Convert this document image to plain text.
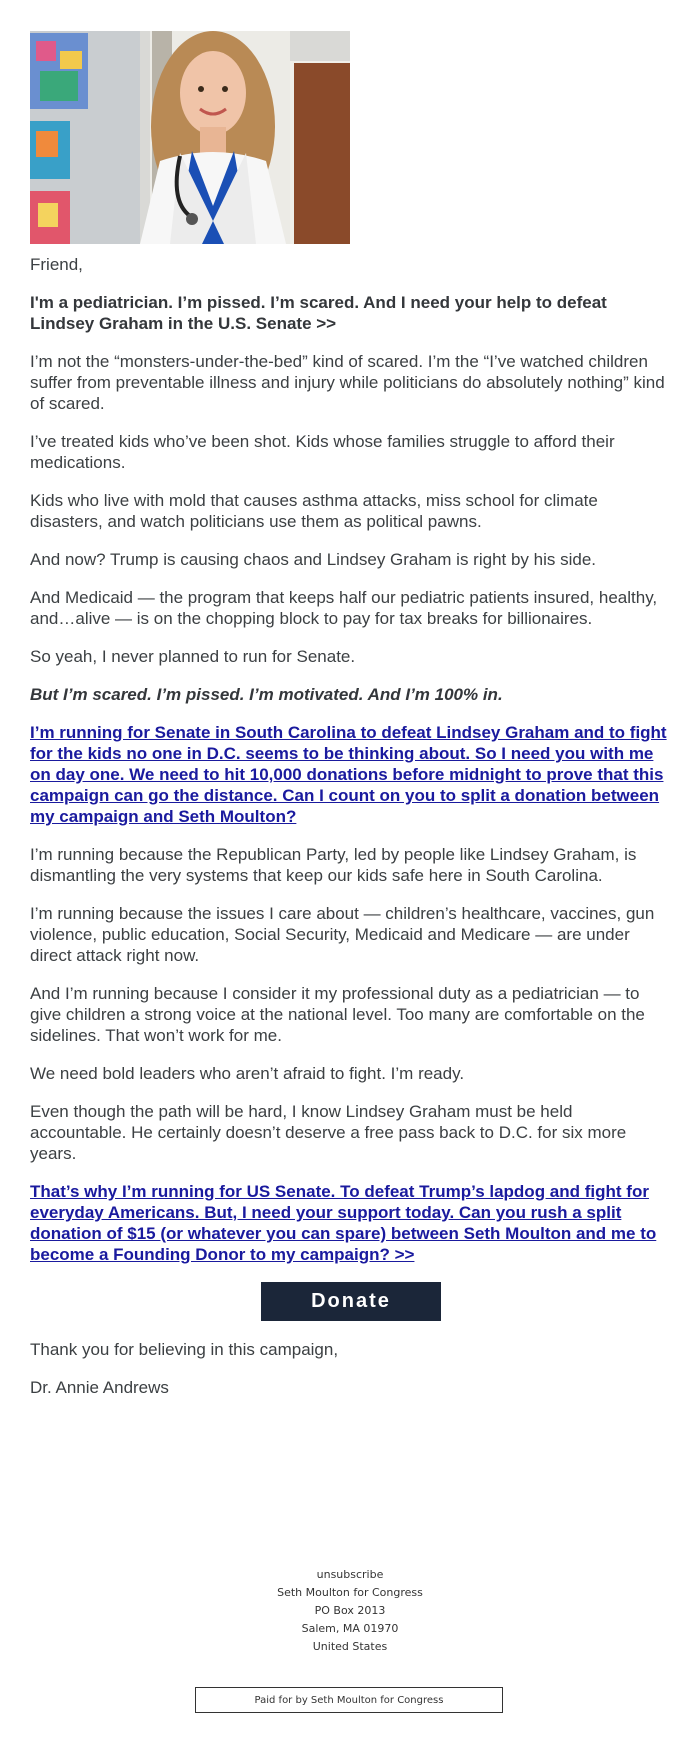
Friend,

I'm a pediatrician. I’m pissed. I’m scared. And I need your help to defeat Lindsey Graham in the U.S. Senate >>

I’m not the “monsters-under-the-bed” kind of scared. I’m the “I’ve watched children suffer from preventable illness and injury while politicians do absolutely nothing” kind of scared.

I’ve treated kids who’ve been shot. Kids whose families struggle to afford their medications.

Kids who live with mold that causes asthma attacks, miss school for climate disasters, and watch politicians use them as political pawns.

And now? Trump is causing chaos and Lindsey Graham is right by his side.

And Medicaid — the program that keeps half our pediatric patients insured, healthy, and…alive — is on the chopping block to pay for tax breaks for billionaires.

So yeah, I never planned to run for Senate.

But I’m scared. I’m pissed. I’m motivated. And I’m 100% in.

I’m running for Senate in South Carolina to defeat Lindsey Graham and to fight for the kids no one in D.C. seems to be thinking about. So I need you with me on day one. We need to hit 10,000 donations before midnight to prove that this campaign can go the distance. Can I count on you to split a donation between my campaign and Seth Moulton?

I’m running because the Republican Party, led by people like Lindsey Graham, is dismantling the very systems that keep our kids safe here in South Carolina.

I’m running because the issues I care about — children’s healthcare, vaccines, gun violence, public education, Social Security, Medicaid and Medicare — are under direct attack right now.

And I’m running because I consider it my professional duty as a pediatrician — to give children a strong voice at the national level. Too many are comfortable on the sidelines. That won’t work for me.

We need bold leaders who aren’t afraid to fight. I’m ready.

Even though the path will be hard, I know Lindsey Graham must be held accountable. He certainly doesn’t deserve a free pass back to D.C. for six more years.

That’s why I’m running for US Senate. To defeat Trump’s lapdog and fight for everyday Americans. But, I need your support today. Can you rush a split donation of $15 (or whatever you can spare) between Seth Moulton and me to become a Founding Donor to my campaign? >>

Donate

Thank you for believing in this campaign,

Dr. Annie Andrews

unsubscribe
Seth Moulton for Congress
PO Box 2013
Salem, MA 01970
United States
Paid for by Seth Moulton for Congress
